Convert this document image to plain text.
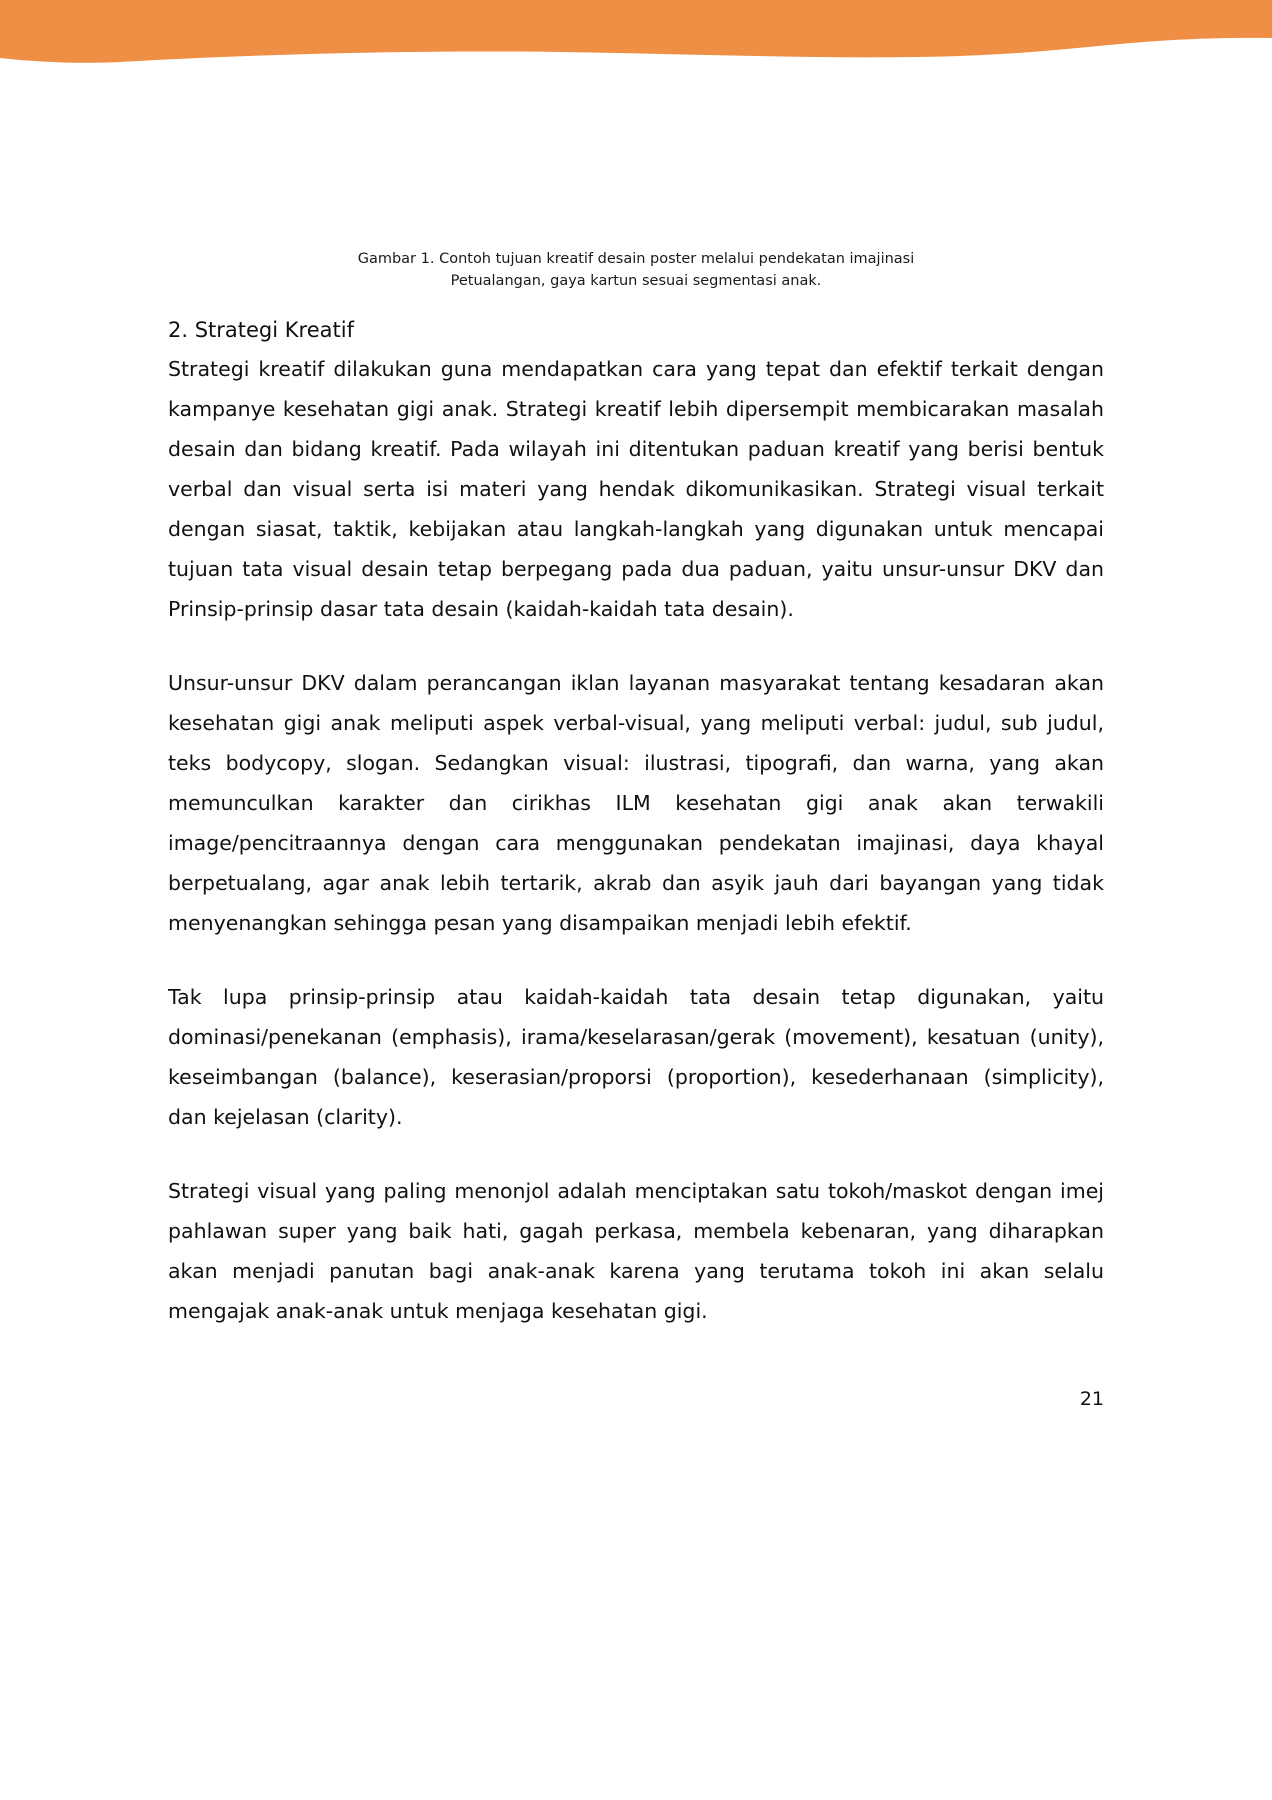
Gambar 1. Contoh tujuan kreatif desain poster melalui pendekatan imajinasi
Petualangan, gaya kartun sesuai segmentasi anak.
2. Strategi Kreatif

Strategi kreatif dilakukan guna mendapatkan cara yang tepat dan efektif terkait dengan kampanye kesehatan gigi anak. Strategi kreatif lebih dipersempit membicarakan masalah desain dan bidang kreatif. Pada wilayah ini ditentukan paduan kreatif yang berisi bentuk verbal dan visual serta isi materi yang hendak dikomunikasikan. Strategi visual terkait dengan siasat, taktik, kebijakan atau langkah-langkah yang digunakan untuk mencapai tujuan tata visual desain tetap berpegang pada dua paduan, yaitu unsur-unsur DKV dan Prinsip-prinsip dasar tata desain (kaidah-kaidah tata desain).

Unsur-unsur DKV dalam perancangan iklan layanan masyarakat tentang kesadaran akan kesehatan gigi anak meliputi aspek verbal-visual, yang meliputi verbal: judul, sub judul, teks bodycopy, slogan. Sedangkan visual: ilustrasi, tipografi, dan warna, yang akan memunculkan karakter dan cirikhas ILM kesehatan gigi anak akan terwakili image/pencitraannya dengan cara menggunakan pendekatan imajinasi, daya khayal berpetualang, agar anak lebih tertarik, akrab dan asyik jauh dari bayangan yang tidak menyenangkan sehingga pesan yang disampaikan menjadi lebih efektif.

Tak lupa prinsip-prinsip atau kaidah-kaidah tata desain tetap digunakan, yaitu dominasi/penekanan (emphasis), irama/keselarasan/gerak (movement), kesatuan (unity), keseimbangan (balance), keserasian/proporsi (proportion), kesederhanaan (simplicity), dan kejelasan (clarity).

Strategi visual yang paling menonjol adalah menciptakan satu tokoh/maskot dengan imej pahlawan super yang baik hati, gagah perkasa, membela kebenaran, yang diharapkan akan menjadi panutan bagi anak-anak karena yang terutama tokoh ini akan selalu mengajak anak-anak untuk menjaga kesehatan gigi.

21
